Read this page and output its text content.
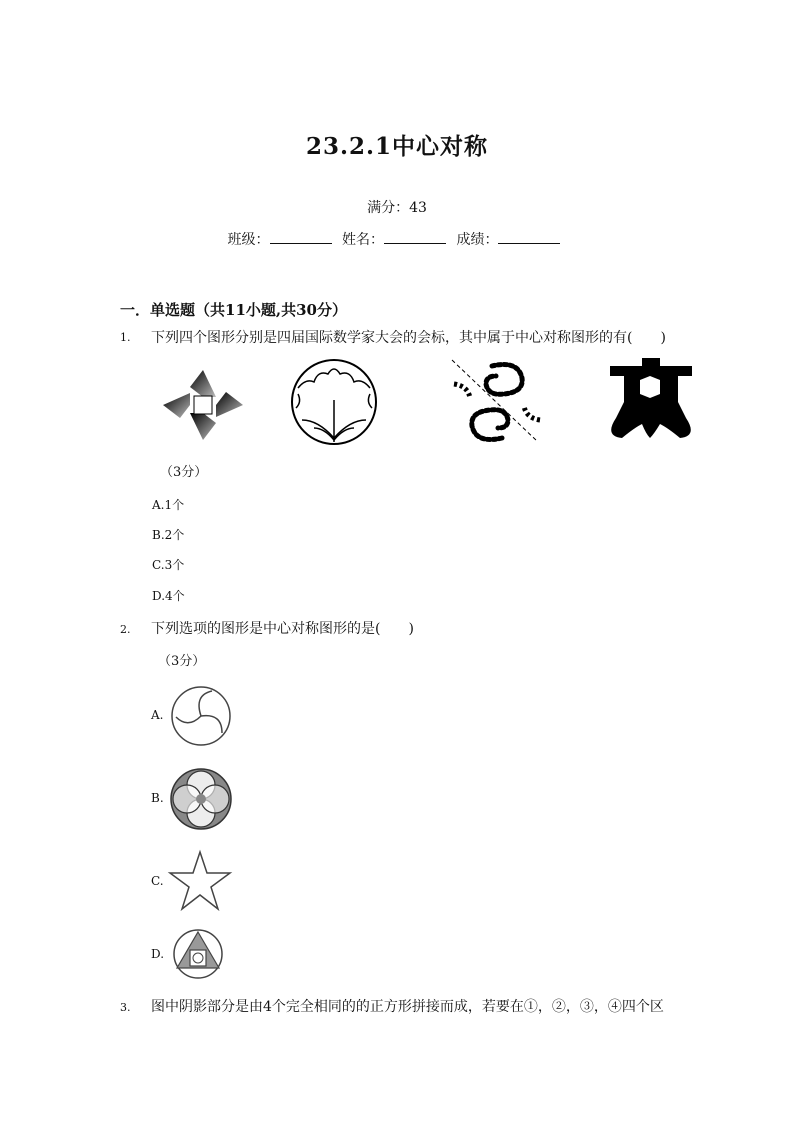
23.2.1中心对称
满分：43
班级：	姓名：	成绩：
一．单选题（共11小题,共30分）
1. 下列四个图形分别是四届国际数学家大会的会标，其中属于中心对称图形的有(　　)
（3分）
A.1个
B.2个
C.3个
D.4个
2. 下列选项的图形是中心对称图形的是(　　)
（3分）
A.
B.
C.
D.
3. 图中阴影部分是由4个完全相同的的正方形拼接而成，若要在①，②，③，④四个区
